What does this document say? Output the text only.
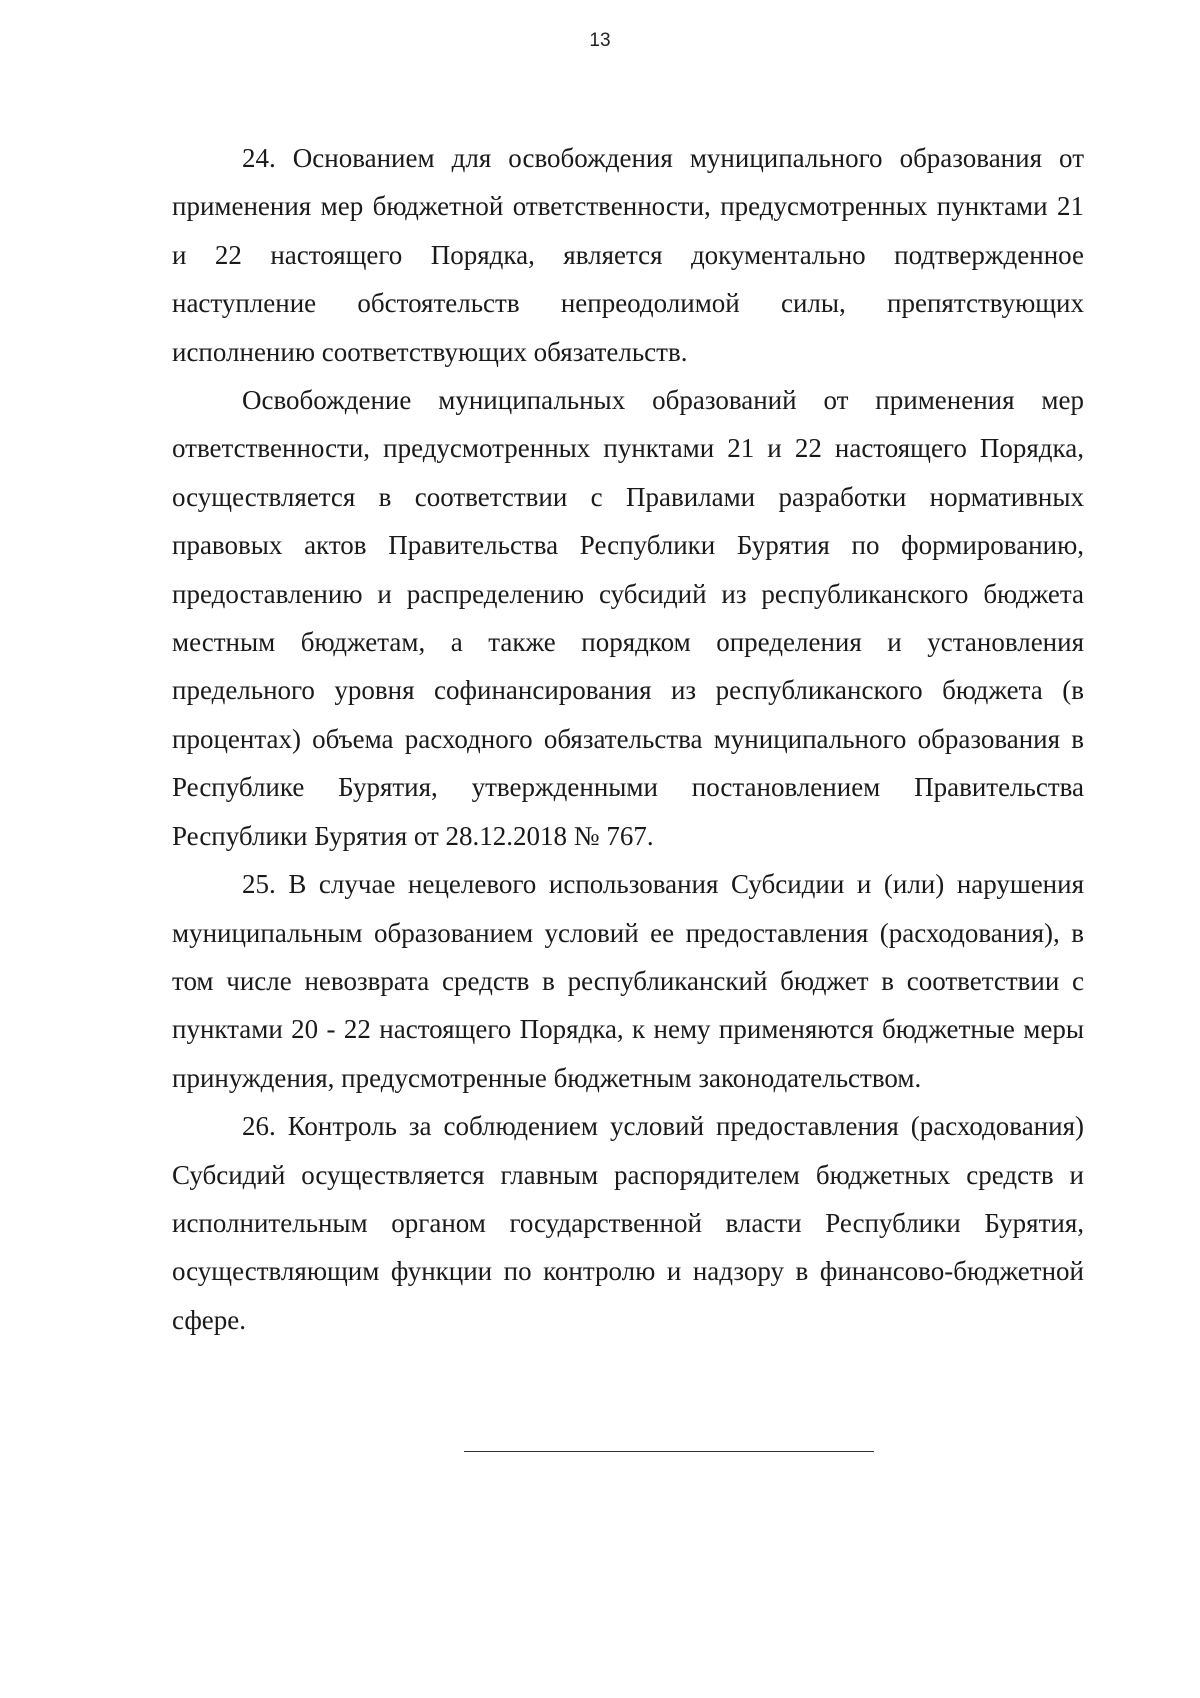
13

24. Основанием для освобождения муниципального образования от применения мер бюджетной ответственности, предусмотренных пунктами 21 и 22 настоящего Порядка, является документально подтвержденное наступление обстоятельств непреодолимой силы, препятствующих исполнению соответствующих обязательств.

Освобождение муниципальных образований от применения мер ответственности, предусмотренных пунктами 21 и 22 настоящего Порядка, осуществляется в соответствии с Правилами разработки нормативных правовых актов Правительства Республики Бурятия по формированию, предоставлению и распределению субсидий из республиканского бюджета местным бюджетам, а также порядком определения и установления предельного уровня софинансирования из республиканского бюджета (в процентах) объема расходного обязательства муниципального образования в Республике Бурятия, утвержденными постановлением Правительства Республики Бурятия от 28.12.2018 № 767.

25. В случае нецелевого использования Субсидии и (или) нарушения муниципальным образованием условий ее предоставления (расходования), в том числе невозврата средств в республиканский бюджет в соответствии с пунктами 20 - 22 настоящего Порядка, к нему применяются бюджетные меры принуждения, предусмотренные бюджетным законодательством.

26. Контроль за соблюдением условий предоставления (расходования) Субсидий осуществляется главным распорядителем бюджетных средств и исполнительным органом государственной власти Республики Бурятия, осуществляющим функции по контролю и надзору в финансово-бюджетной сфере.
